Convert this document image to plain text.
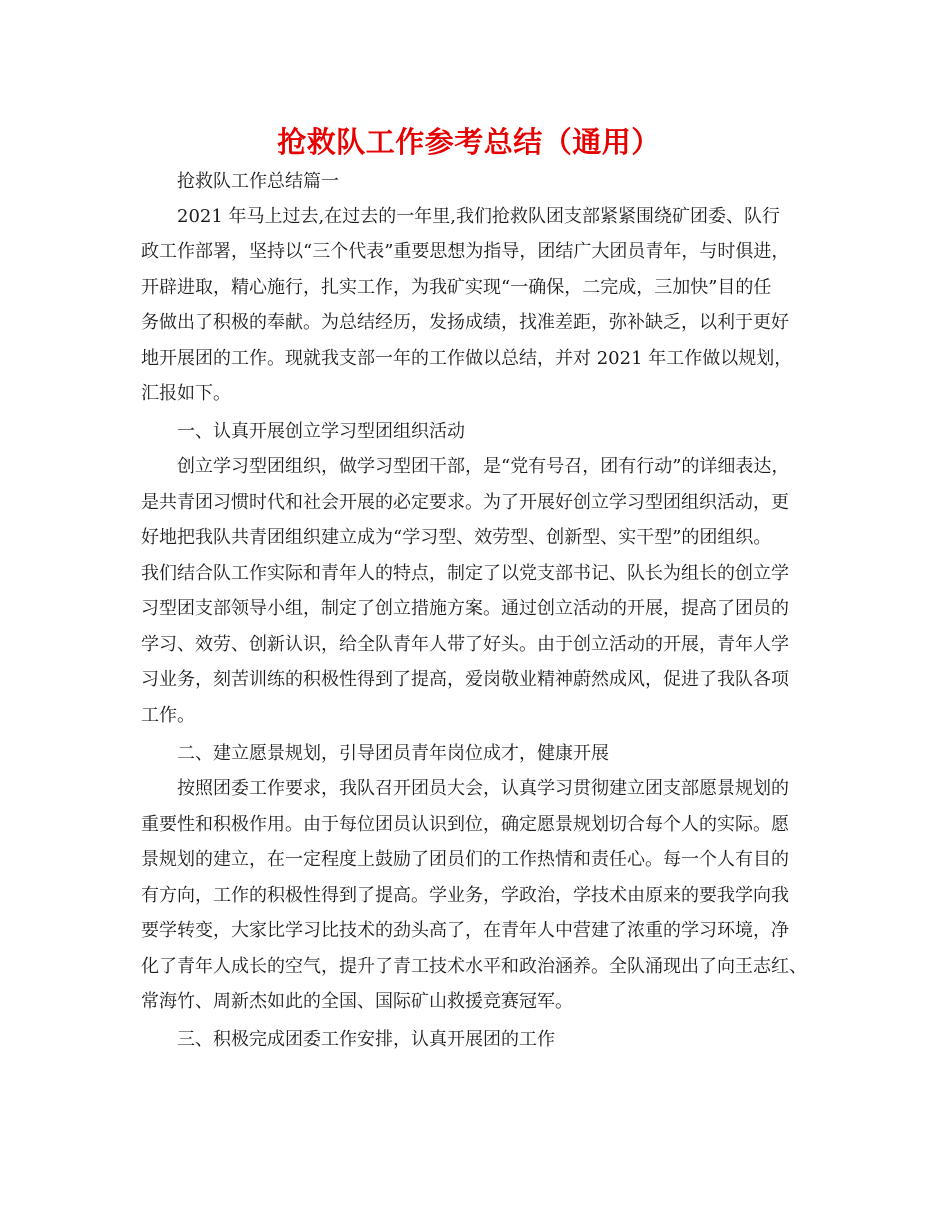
抢救队工作参考总结（通用）
抢救队工作总结篇一
2021 年马上过去,在过去的一年里,我们抢救队团支部紧紧围绕矿团委、队行
政工作部署，坚持以“三个代表”重要思想为指导，团结广大团员青年，与时俱进，
开辟进取，精心施行，扎实工作，为我矿实现“一确保，二完成，三加快”目的任
务做出了积极的奉献。为总结经历，发扬成绩，找准差距，弥补缺乏，以利于更好
地开展团的工作。现就我支部一年的工作做以总结，并对 2021 年工作做以规划，
汇报如下。
一、认真开展创立学习型团组织活动
创立学习型团组织，做学习型团干部，是“党有号召，团有行动”的详细表达，
是共青团习惯时代和社会开展的必定要求。为了开展好创立学习型团组织活动，更
好地把我队共青团组织建立成为“学习型、效劳型、创新型、实干型”的团组织。
我们结合队工作实际和青年人的特点，制定了以党支部书记、队长为组长的创立学
习型团支部领导小组，制定了创立措施方案。通过创立活动的开展，提高了团员的
学习、效劳、创新认识，给全队青年人带了好头。由于创立活动的开展，青年人学
习业务，刻苦训练的积极性得到了提高，爱岗敬业精神蔚然成风，促进了我队各项
工作。
二、建立愿景规划，引导团员青年岗位成才，健康开展
按照团委工作要求，我队召开团员大会，认真学习贯彻建立团支部愿景规划的
重要性和积极作用。由于每位团员认识到位，确定愿景规划切合每个人的实际。愿
景规划的建立，在一定程度上鼓励了团员们的工作热情和责任心。每一个人有目的
有方向，工作的积极性得到了提高。学业务，学政治，学技术由原来的要我学向我
要学转变，大家比学习比技术的劲头高了，在青年人中营建了浓重的学习环境，净
化了青年人成长的空气，提升了青工技术水平和政治涵养。全队涌现出了向王志红、
常海竹、周新杰如此的全国、国际矿山救援竞赛冠军。
三、积极完成团委工作安排，认真开展团的工作
